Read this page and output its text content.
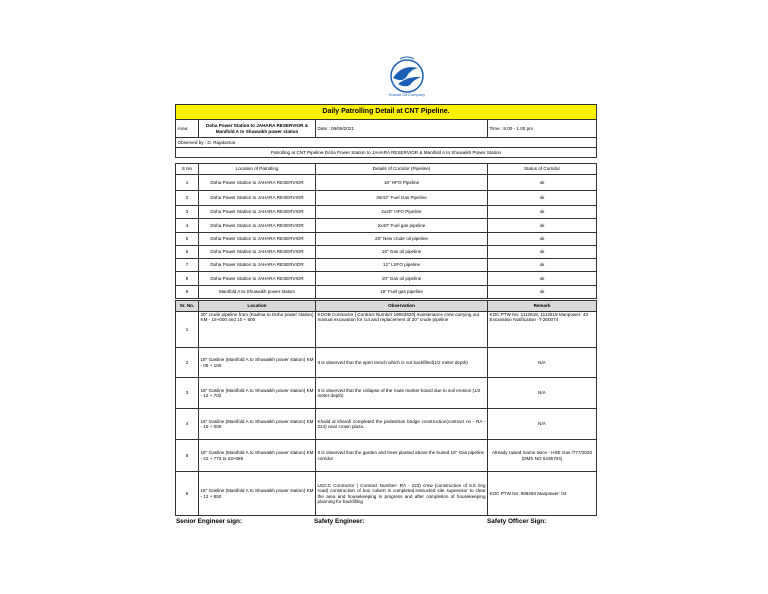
Kuwait Oil Company
Daily Patrolling Detail at CNT Pipeline.
Area:	Doha Power Station to JAHARA RESERVIOR & Manifold A to Shuwaikh power station	Date : 06/06/2021	Time : 8.00 - 1.00 pm
Observed by : D. Rajakumar
Patrolling at CNT Pipeline Doha Power Station to JAHARA RESERVIOR & Manifold A to Shuwaikh Power Station
S No	Location of Patrolling	Details of Corridor (Pipeline)	Status of Corridor
1	Doha Power Station to JAHARA RESERVIOR	16" HFO Pipeline	ok
2	Doha Power Station to JAHARA RESERVIOR	30/42" Fuel Gas Pipeline	ok
3	Doha Power Station to JAHARA RESERVIOR	2x20" HFO Pipeline	ok
4	Doha Power Station to JAHARA RESERVIOR	2x40" Fuel gas pipeline	ok
5	Doha Power Station to JAHARA RESERVIOR	20" New crude oil pipeline	ok
6	Doha Power Station to JAHARA RESERVIOR	16" Gas oil pipeline	ok
7	Doha Power Station to JAHARA RESERVIOR	12" LSFO pipeline	ok
8	Doha Power Station to JAHARA RESERVIOR	10" Gas oil pipeline	ok
9	Manifold A to Shuwaikh power station	18" Fuel gas pipeline	ok
Sr. No.	Location	Observation	Remark
1	20" crude pipeline from (Kadma to Doha power station) KM - 15+000 and 10 + 500	KOOB Contractor [ Contract Number 19053630] maintenance crew carrying out manual excavation for cut and replacement of 20" crude pipeline	KOC PTW No: 1112618, 1112619 Manpower: 43 Excavation Notification -T-260074
2	18" Gasline (Manifold A to Shuwaikh power station) KM - 08 + 100	It is observed that the open trench which is not backfilled(1/2 meter depth)	N/A
3	18" Gasline (Manifold A to Shuwaikh power station) KM - 12 + 702	It is observed that the collapse of the route marker board due to soil erosion (1/2 meter depth)	N/A
4	18" Gasline (Manifold A to Shuwaikh power station) KM - 15 + 000	Khalid al kharafi completed the pedestrian bridge construction(contract no - RA - 224) near crown plaza.	N/A
5	18" Gasline (Manifold A to Shuwaikh power station) KM - 22 + 772 to 23+085	It is observed that the garden and trees planted above the buried 18" Gas pipeline corridor	Already raised mamo twice - HSE Gas /777/2020 (DMS NO 5435704)
6	18" Gasline (Manifold A to Shuwaikh power station) KM - 12 + 850	UGCC Contractor | Contract Number- RA - 223) crew (construction of 6.5 ring road) construction of box culvert is completed.instructed site supervisor to clear the area and housekeeping in progress and after completion of housekeeping planning for backfilling	KOC PTW No: 988493 Manpower: 04
Senior Engineer sign:	Safety Engineer:	Safety Officer Sign:
